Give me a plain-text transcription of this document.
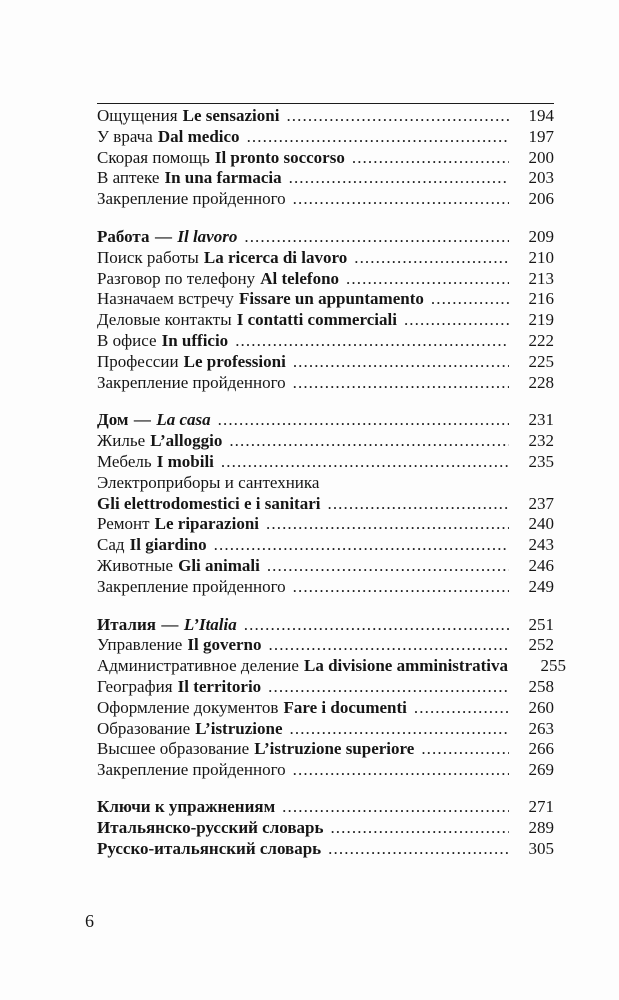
Ощущения Le sensazioni .....	194
У врача Dal medico .....	197
Скорая помощь Il pronto soccorso .....	200
В аптеке In una farmacia .....	203
Закрепление пройденного .....	206
Работа — Il lavoro .....	209
Поиск работы La ricerca di lavoro .....	210
Разговор по телефону Al telefono .....	213
Назначаем встречу Fissare un appuntamento .....	216
Деловые контакты I contatti commerciali .....	219
В офисе In ufficio .....	222
Профессии Le professioni .....	225
Закрепление пройденного .....	228
Дом — La casa .....	231
Жилье L’alloggio .....	232
Мебель I mobili .....	235
Электроприборы и сантехника
Gli elettrodomestici e i sanitari .....	237
Ремонт Le riparazioni .....	240
Сад Il giardino .....	243
Животные Gli animali .....	246
Закрепление пройденного .....	249
Италия — L’Italia .....	251
Управление Il governo .....	252
Административное деление La divisione amministrativa	255
География Il territorio .....	258
Оформление документов Fare i documenti .....	260
Образование L’istruzione .....	263
Высшее образование L’istruzione superiore .....	266
Закрепление пройденного .....	269
Ключи к упражнениям .....	271
Итальянско-русский словарь .....	289
Русско-итальянский словарь .....	305
6
